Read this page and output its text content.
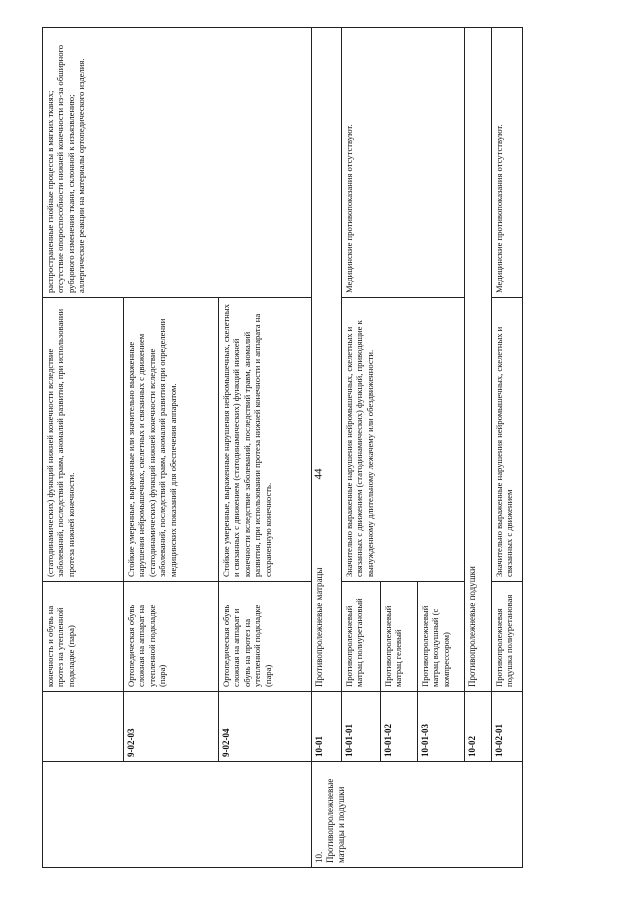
44
		конечность и обувь на протез на утепленной подкладке (пара)	(статодинамических) функций нижней конечности вследствие заболеваний, последствий травм, аномалий развития, при использовании протеза нижней конечности.	распространенные гнойные процессы в мягких тканях;
отсутствие опороспособности нижней конечности из-за обширного рубцового изменения ткани, склонной к изъязвлению;
аллергические реакции на материалы ортопедического изделия.
	9-02-03	Ортопедическая обувь сложная на аппарат на утепленной подкладке (пара)	Стойкие умеренные, выраженные или значительно выраженные нарушения нейромышечных, скелетных и связанных с движением (статодинамических) функций нижней конечности вследствие заболеваний, последствий травм, аномалий развития при определении медицинских показаний для обеспечения аппаратом.	
	9-02-04	Ортопедическая обувь сложная на аппарат и обувь на протез на утепленной подкладке (пара)	Стойкие умеренные, выраженные нарушения нейромышечных, скелетных и связанных с движением (статодинамических) функций нижней конечности вследствие заболеваний, последствий травм, аномалий развития, при использовании протеза нижней конечности и аппарата на сохраненную конечность.	
10. Противопролежневые матрацы и подушки	10-01	Противопролежневые матрацы		
	10-01-01	Противопролежневый матрац полиуретановый	Значительно выраженные нарушения нейромышечных, скелетных и связанных с движением (статодинамических) функций, приводящие к вынужденному длительному лежачему или обездвиженности.	Медицинские противопоказания отсутствуют.
	10-01-02	Противопролежневый матрац гелевый		
	10-01-03	Противопролежневый матрац воздушный (с компрессором)		
	10-02	Противопролежневые подушки		
	10-02-01	Противопролежневая подушка полиуретановая	Значительно выраженные нарушения нейромышечных, скелетных и связанных с движением	Медицинские противопоказания отсутствуют.
